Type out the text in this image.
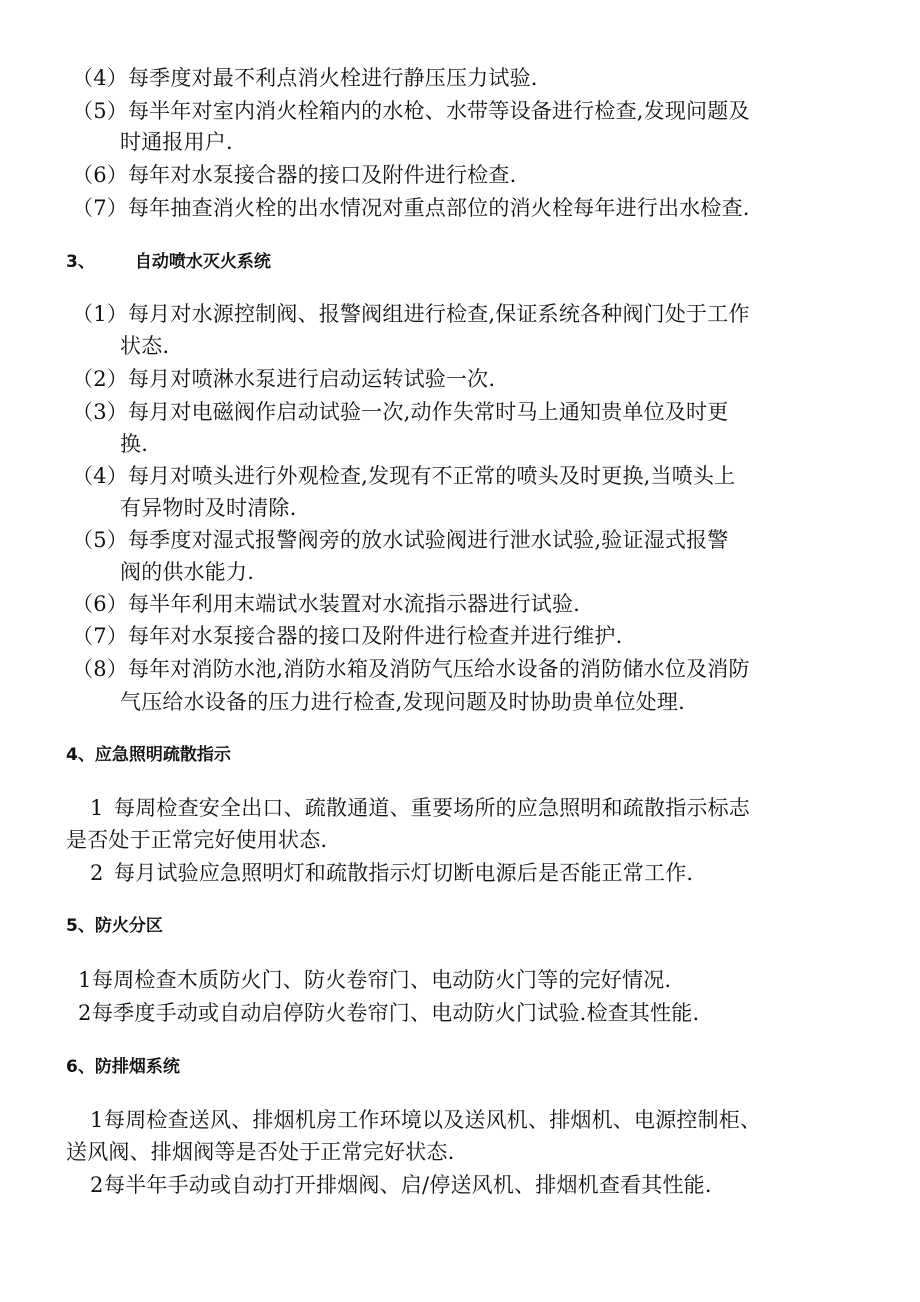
（4）每季度对最不利点消火栓进行静压压力试验.
（5）每半年对室内消火栓箱内的水枪、水带等设备进行检查,发现问题及
时通报用户.
（6）每年对水泵接合器的接口及附件进行检查.
（7）每年抽查消火栓的出水情况对重点部位的消火栓每年进行出水检查.
3、 自动喷水灭火系统
（1）每月对水源控制阀、报警阀组进行检查,保证系统各种阀门处于工作
状态.
（2）每月对喷淋水泵进行启动运转试验一次.
（3）每月对电磁阀作启动试验一次,动作失常时马上通知贵单位及时更
换.
（4）每月对喷头进行外观检查,发现有不正常的喷头及时更换,当喷头上
有异物时及时清除.
（5）每季度对湿式报警阀旁的放水试验阀进行泄水试验,验证湿式报警
阀的供水能力.
（6）每半年利用末端试水装置对水流指示器进行试验.
（7）每年对水泵接合器的接口及附件进行检查并进行维护.
（8）每年对消防水池,消防水箱及消防气压给水设备的消防储水位及消防
气压给水设备的压力进行检查,发现问题及时协助贵单位处理.
4、应急照明疏散指示
1 每周检查安全出口、疏散通道、重要场所的应急照明和疏散指示标志
是否处于正常完好使用状态.
2 每月试验应急照明灯和疏散指示灯切断电源后是否能正常工作.
5、防火分区
1每周检查木质防火门、防火卷帘门、电动防火门等的完好情况.
2每季度手动或自动启停防火卷帘门、电动防火门试验.检查其性能.
6、防排烟系统
1每周检查送风、排烟机房工作环境以及送风机、排烟机、电源控制柜、
送风阀、排烟阀等是否处于正常完好状态.
2每半年手动或自动打开排烟阀、启/停送风机、排烟机查看其性能.
